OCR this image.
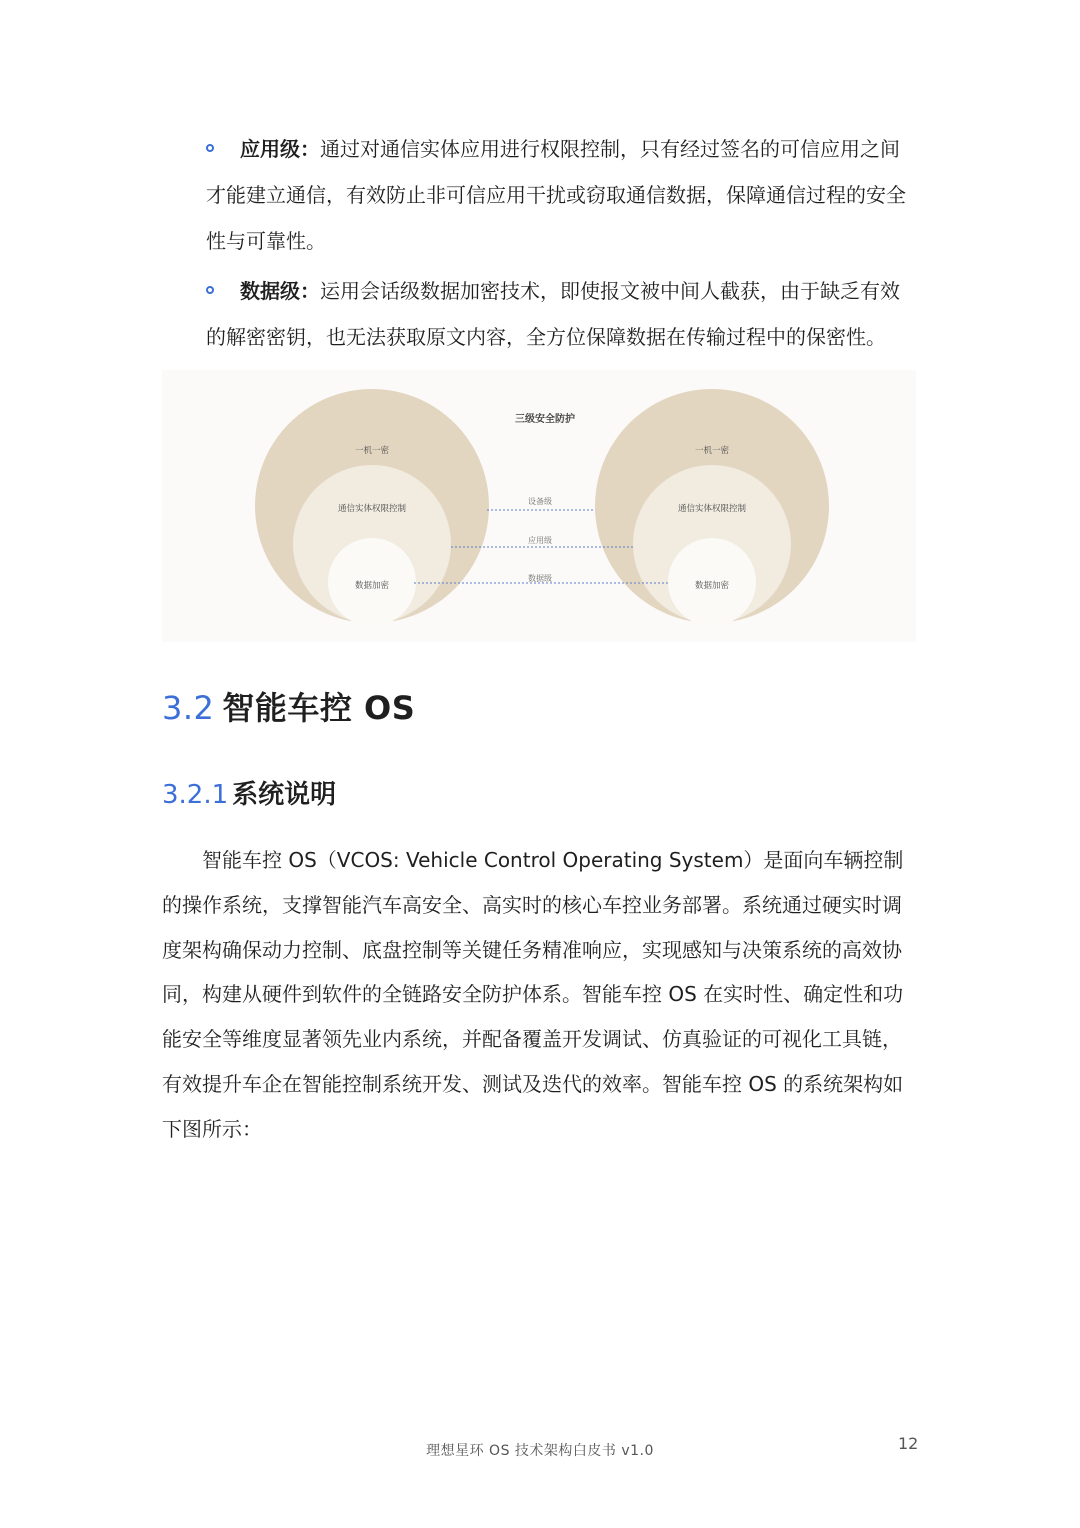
应用级：通过对通信实体应用进行权限控制，只有经过签名的可信应用之间
才能建立通信，有效防止非可信应用干扰或窃取通信数据，保障通信过程的安全
性与可靠性。
数据级：运用会话级数据加密技术，即使报文被中间人截获，由于缺乏有效
的解密密钥，也无法获取原文内容，全方位保障数据在传输过程中的保密性。
三级安全防护
一机一密
通信实体权限控制
数据加密
一机一密
通信实体权限控制
数据加密
设备级
应用级
数据级
3.2 智能车控 OS
3.2.1 系统说明
智能车控 OS（VCOS: Vehicle Control Operating System）是面向车辆控制
的操作系统，支撑智能汽车高安全、高实时的核心车控业务部署。系统通过硬实时调
度架构确保动力控制、底盘控制等关键任务精准响应，实现感知与决策系统的高效协
同，构建从硬件到软件的全链路安全防护体系。智能车控 OS 在实时性、确定性和功
能安全等维度显著领先业内系统，并配备覆盖开发调试、仿真验证的可视化工具链，
有效提升车企在智能控制系统开发、测试及迭代的效率。智能车控 OS 的系统架构如
下图所示：
理想星环 OS 技术架构白皮书 v1.0	12
